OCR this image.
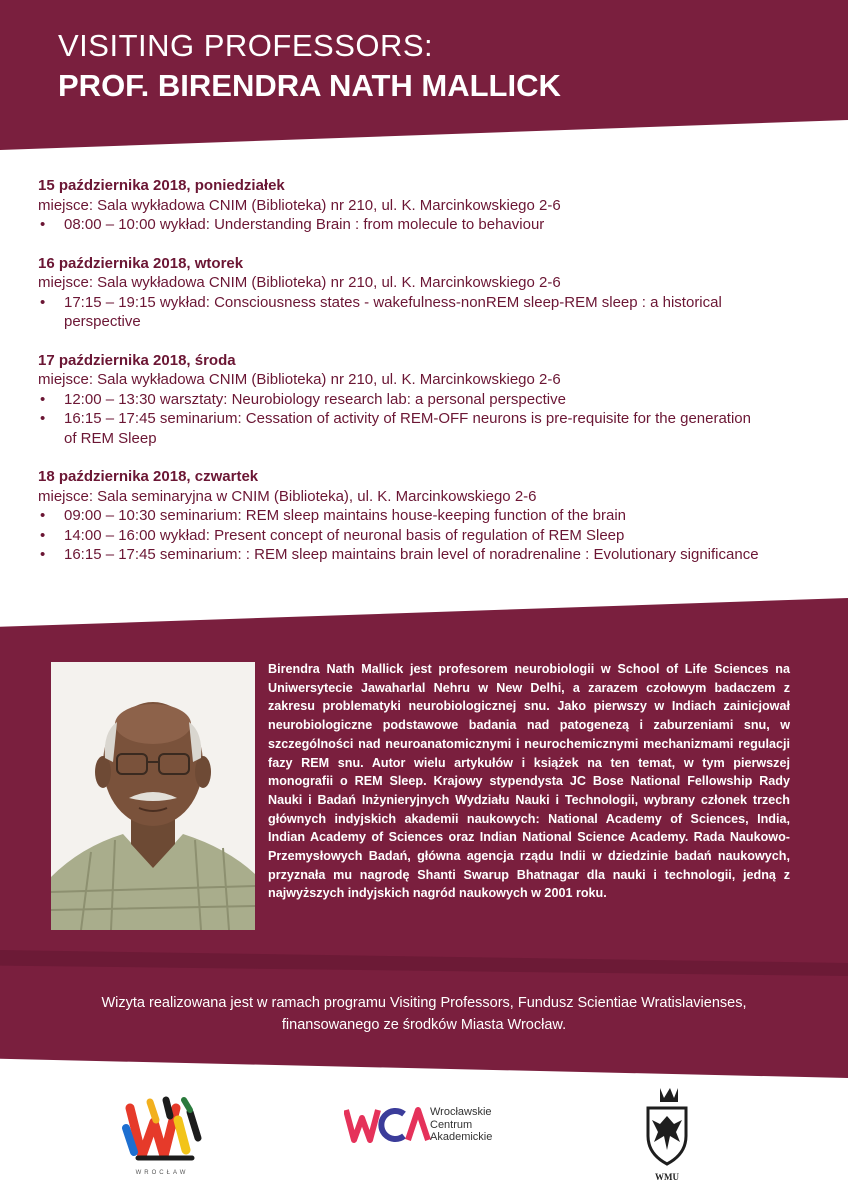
VISITING PROFESSORS:
PROF. BIRENDRA NATH MALLICK
15 października 2018, poniedziałek
miejsce: Sala wykładowa CNIM (Biblioteka) nr 210, ul. K. Marcinkowskiego 2-6
• 08:00 – 10:00 wykład: Understanding Brain : from molecule to behaviour
16 października 2018, wtorek
miejsce: Sala wykładowa CNIM (Biblioteka) nr 210, ul. K. Marcinkowskiego 2-6
• 17:15 – 19:15 wykład: Consciousness states - wakefulness-nonREM sleep-REM sleep : a historical
perspective
17 października 2018, środa
miejsce: Sala wykładowa CNIM (Biblioteka) nr 210, ul. K. Marcinkowskiego 2-6
• 12:00 – 13:30 warsztaty: Neurobiology research lab: a personal perspective
• 16:15 – 17:45 seminarium: Cessation of activity of REM-OFF neurons is pre-requisite for the generation
of REM Sleep
18 października 2018, czwartek
miejsce: Sala seminaryjna w CNIM (Biblioteka), ul. K. Marcinkowskiego 2-6
• 09:00 – 10:30 seminarium: REM sleep maintains house-keeping function of the brain
• 14:00 – 16:00 wykład: Present concept of neuronal basis of regulation of REM Sleep
• 16:15 – 17:45 seminarium: : REM sleep maintains brain level of noradrenaline : Evolutionary significance
Birendra Nath Mallick jest profesorem neurobiologii w School of Life Sciences na Uniwersytecie Jawaharlal Nehru w New Delhi, a zarazem czołowym badaczem z zakresu problematyki neurobiologicznej snu. Jako pierwszy w Indiach zainicjował neurobiologiczne podstawowe badania nad patogenezą i zaburzeniami snu, w szczególności nad neuroanatomicznymi i neurochemicznymi mechanizmami regulacji fazy REM snu. Autor wielu artykułów i książek na ten temat, w tym pierwszej monografii o REM Sleep. Krajowy stypendysta JC Bose National Fellowship Rady Nauki i Badań Inżynieryjnych Wydziału Nauki i Technologii, wybrany członek trzech głównych indyjskich akademii naukowych: National Academy of Sciences, India, Indian Academy of Sciences oraz Indian National Science Academy. Rada Naukowo-Przemysłowych Badań, główna agencja rządu Indii w dziedzinie badań naukowych, przyznała mu nagrodę Shanti Swarup Bhatnagar dla nauki i technologii, jedną z najwyższych indyjskich nagród naukowych w 2001 roku.
Wizyta realizowana jest w ramach programu Visiting Professors, Fundusz Scientiae Wratislavienses,
finansowanego ze środków Miasta Wrocław.
WROCŁAW
Wrocławskie
Centrum
Akademickie
WMU
